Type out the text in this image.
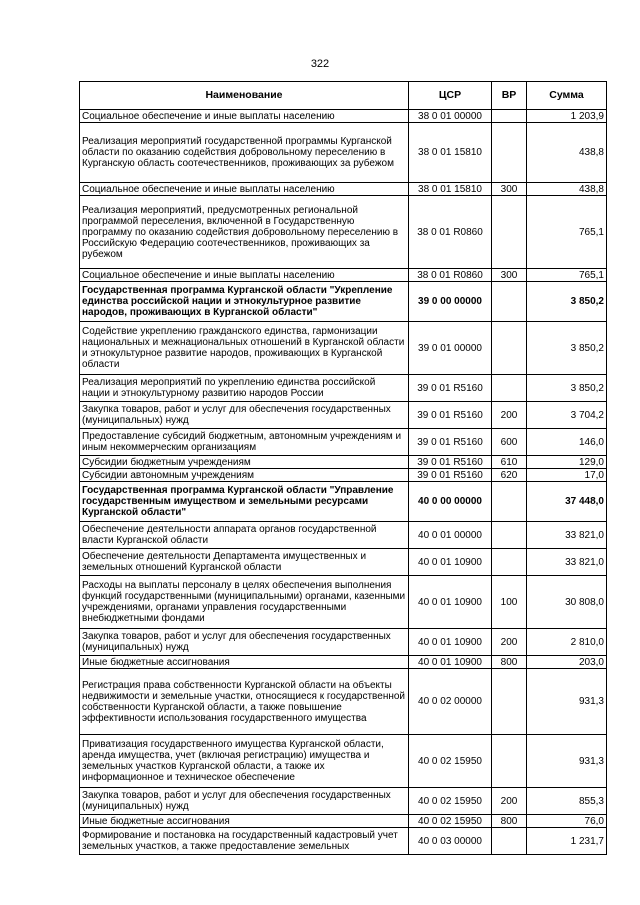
322
Наименование	ЦСР	ВР	Сумма
Социальное обеспечение и иные выплаты населению	38 0 01 00000		1 203,9
Реализация мероприятий государственной программы Курганской области по оказанию содействия добровольному переселению в Курганскую область соотечественников, проживающих за рубежом	38 0 01 15810		438,8
Социальное обеспечение и иные выплаты населению	38 0 01 15810	300	438,8
Реализация мероприятий, предусмотренных региональной программой переселения, включенной в Государственную программу по оказанию содействия добровольному переселению в Российскую Федерацию соотечественников, проживающих за рубежом	38 0 01 R0860		765,1
Социальное обеспечение и иные выплаты населению	38 0 01 R0860	300	765,1
Государственная программа Курганской области "Укрепление единства российской нации и этнокультурное развитие народов, проживающих в Курганской области"	39 0 00 00000		3 850,2
Содействие укреплению гражданского единства, гармонизации национальных и межнациональных отношений в Курганской области и этнокультурное развитие народов, проживающих в Курганской области	39 0 01 00000		3 850,2
Реализация мероприятий по укреплению единства российской нации и этнокультурному развитию народов России	39 0 01 R5160		3 850,2
Закупка товаров, работ и услуг для обеспечения государственных (муниципальных) нужд	39 0 01 R5160	200	3 704,2
Предоставление субсидий бюджетным, автономным учреждениям и иным некоммерческим организациям	39 0 01 R5160	600	146,0
Субсидии бюджетным учреждениям	39 0 01 R5160	610	129,0
Субсидии автономным учреждениям	39 0 01 R5160	620	17,0
Государственная программа Курганской области "Управление государственным имуществом и земельными ресурсами Курганской области"	40 0 00 00000		37 448,0
Обеспечение деятельности аппарата органов государственной власти Курганской области	40 0 01 00000		33 821,0
Обеспечение деятельности Департамента имущественных и земельных отношений Курганской области	40 0 01 10900		33 821,0
Расходы на выплаты персоналу в целях обеспечения выполнения функций государственными (муниципальными) органами, казенными учреждениями, органами управления государственными внебюджетными фондами	40 0 01 10900	100	30 808,0
Закупка товаров, работ и услуг для обеспечения государственных (муниципальных) нужд	40 0 01 10900	200	2 810,0
Иные бюджетные ассигнования	40 0 01 10900	800	203,0
Регистрация права собственности Курганской области на объекты недвижимости и земельные участки, относящиеся к государственной собственности Курганской области, а также повышение эффективности использования государственного имущества	40 0 02 00000		931,3
Приватизация государственного имущества Курганской области, аренда имущества, учет (включая регистрацию) имущества и земельных участков Курганской области, а также их информационное и техническое обеспечение	40 0 02 15950		931,3
Закупка товаров, работ и услуг для обеспечения государственных (муниципальных) нужд	40 0 02 15950	200	855,3
Иные бюджетные ассигнования	40 0 02 15950	800	76,0
Формирование и постановка на государственный кадастровый учет земельных участков, а также предоставление земельных	40 0 03 00000		1 231,7
